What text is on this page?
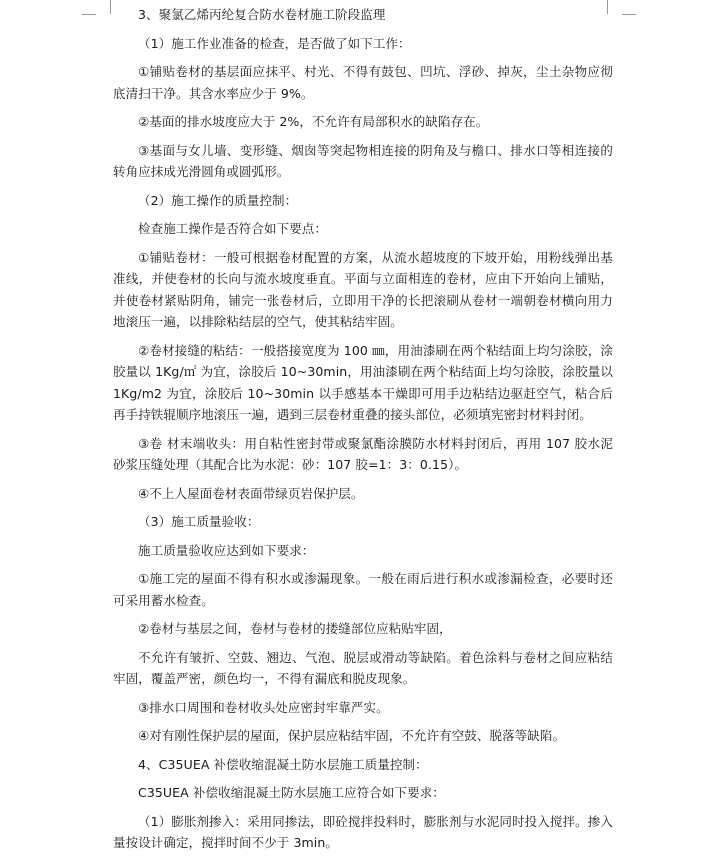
3、聚氯乙烯丙纶复合防水卷材施工阶段监理

（1）施工作业准备的检查，是否做了如下工作：

①铺贴卷材的基层面应抹平、村光、不得有鼓包、凹坑、浮砂、掉灰，尘土杂物应彻底清扫干净。其含水率应少于 9%。

②基面的排水坡度应大于 2%，不允许有局部积水的缺陷存在。

③基面与女儿墙、变形缝、烟囱等突起物相连接的阴角及与檐口、排水口等相连接的转角应抹成光滑圆角或圆弧形。

（2）施工操作的质量控制：

检查施工操作是否符合如下要点：

①铺贴卷材：一般可根据卷材配置的方案，从流水超坡度的下坡开始，用粉线弹出基准线，并使卷材的长向与流水坡度垂直。平面与立面相连的卷材，应由下开始向上铺贴，并使卷材紧贴阴角，铺完一张卷材后，立即用干净的长把滚刷从卷材一端朝卷材横向用力地滚压一遍，以排除粘结层的空气，使其粘结牢固。

②卷材接缝的粘结：一般搭接宽度为 100 ㎜，用油漆刷在两个粘结面上均匀涂胶，涂胶量以 1Kg/㎡ 为宜，涂胶后 10~30min，用油漆刷在两个粘结面上均匀涂胶，涂胶量以 1Kg/m2 为宜，涂胶后 10~30min 以手感基本干燥即可用手边粘结边驱赶空气，粘合后再手持铁辊顺序地滚压一遍，遇到三层卷材重叠的接头部位，必须填宪密封材料封闭。

③卷 材末端收头：用自粘性密封带或聚氯酯涂膜防水材料封闭后，再用 107 胶水泥砂浆压缝处理（其配合比为水泥：砂：107 胶=1：3：0.15）。

④不上人屋面卷材表面带绿页岩保护层。

（3）施工质量验收：

施工质量验收应达到如下要求：

①施工完的屋面不得有积水或渗漏现象。一般在雨后进行积水或渗漏检查，必要时还可采用蓄水检查。

②卷材与基层之间，卷材与卷材的搂缝部位应粘贴牢固，

不允许有皱折、空鼓、翘边、气泡、脱层或滑动等缺陷。着色涂料与卷材之间应粘结牢固，覆盖严密，颜色均一，不得有漏底和脱皮现象。

③排水口周围和卷材收头处应密封牢靠严实。

④对有刚性保护层的屋面，保护层应粘结牢固，不允许有空鼓、脱落等缺陷。

4、C35UEA 补偿收缩混凝土防水层施工质量控制：

C35UEA 补偿收缩混凝土防水层施工应符合如下要求：

（1）膨胀剂掺入：采用同掺法，即砼搅拌投料时，膨胀剂与水泥同时投入搅拌。掺入量按设计确定，搅拌时间不少于 3min。
